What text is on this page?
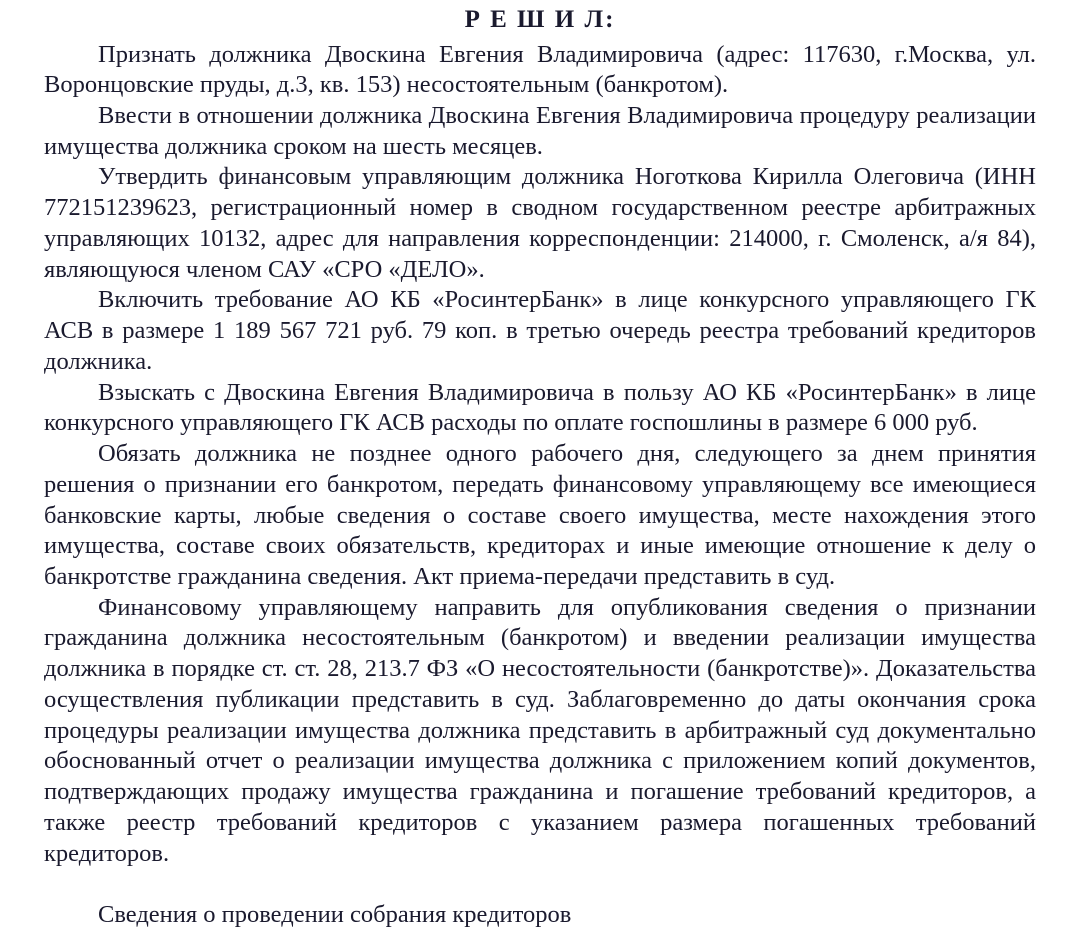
Р Е Ш И Л:

Признать должника Двоскина Евгения Владимировича (адрес: 117630, г.Москва, ул. Воронцовские пруды, д.3, кв. 153) несостоятельным (банкротом).

Ввести в отношении должника Двоскина Евгения Владимировича процедуру реализации имущества должника сроком на шесть месяцев.

Утвердить финансовым управляющим должника Ноготкова Кирилла Олеговича (ИНН 772151239623, регистрационный номер в сводном государственном реестре арбитражных управляющих 10132, адрес для направления корреспонденции: 214000, г. Смоленск, а/я 84), являющуюся членом САУ «СРО «ДЕЛО».

Включить требование АО КБ «РосинтерБанк» в лице конкурсного управляющего ГК АСВ в размере 1 189 567 721 руб. 79 коп. в третью очередь реестра требований кредиторов должника.

Взыскать с Двоскина Евгения Владимировича в пользу АО КБ «РосинтерБанк» в лице конкурсного управляющего ГК АСВ расходы по оплате госпошлины в размере 6 000 руб.

Обязать должника не позднее одного рабочего дня, следующего за днем принятия решения о признании его банкротом, передать финансовому управляющему все имеющиеся банковские карты, любые сведения о составе своего имущества, месте нахождения этого имущества, составе своих обязательств, кредиторах и иные имеющие отношение к делу о банкротстве гражданина сведения. Акт приема-передачи представить в суд.

Финансовому управляющему направить для опубликования сведения о признании гражданина должника несостоятельным (банкротом) и введении реализации имущества должника в порядке ст. ст. 28, 213.7 ФЗ «О несостоятельности (банкротстве)». Доказательства осуществления публикации представить в суд. Заблаговременно до даты окончания срока процедуры реализации имущества должника представить в арбитражный суд документально обоснованный отчет о реализации имущества должника с приложением копий документов, подтверждающих продажу имущества гражданина и погашение требований кредиторов, а также реестр требований кредиторов с указанием размера погашенных требований кредиторов.

Сведения о проведении собрания кредиторов
